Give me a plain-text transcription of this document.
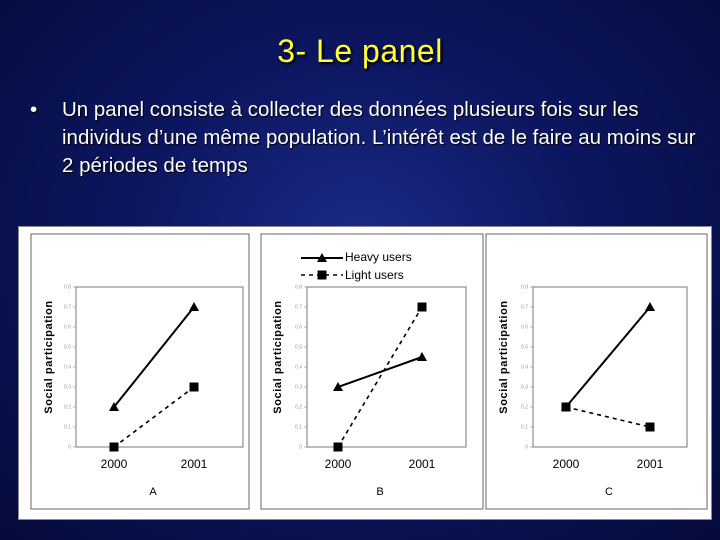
3- Le panel
• Un panel consiste à collecter des données plusieurs fois sur les individus d’une même population. L’intérêt est de le faire au moins sur 2 périodes de temps
Heavy users
Light users
0
0.1
0.2
0.3
0.4
0.5
0.6
0.7
0.8
2000	2001
Social participation
A
0
0.1
0.2
0.3
0.4
0.5
0.6
0.7
0.8
2000	2001
Social participation
B
0
0.1
0.2
0.3
0.4
0.5
0.6
0.7
0.8
2000	2001
Social participation
C
